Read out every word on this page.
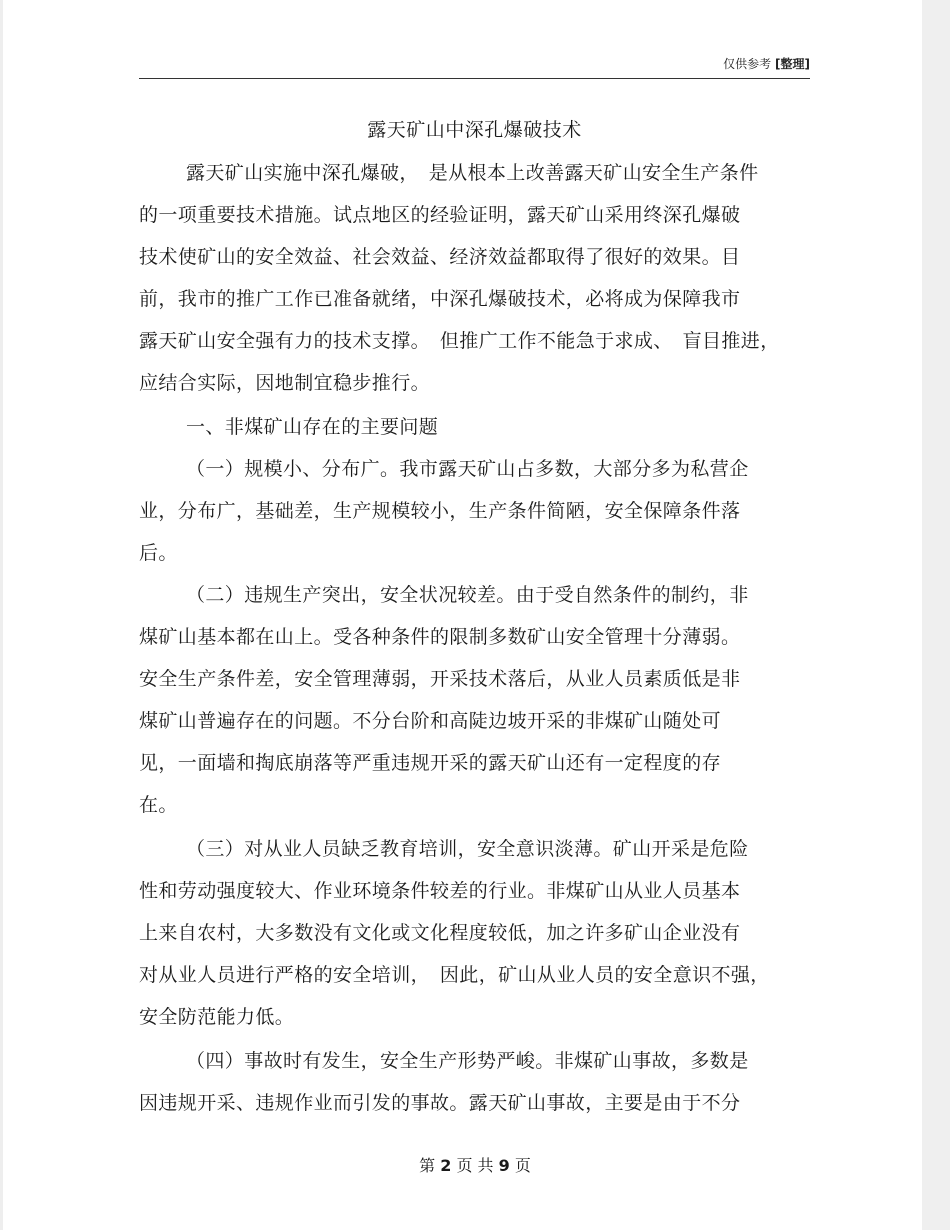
仅供参考 [整理]
露天矿山中深孔爆破技术
露天矿山实施中深孔爆破，　是从根本上改善露天矿山安全生产条件
的一项重要技术措施。试点地区的经验证明，露天矿山采用终深孔爆破
技术使矿山的安全效益、社会效益、经济效益都取得了很好的效果。目
前，我市的推广工作已准备就绪，中深孔爆破技术，必将成为保障我市
露天矿山安全强有力的技术支撑。　但推广工作不能急于求成、　盲目推进，
应结合实际，因地制宜稳步推行。
一、非煤矿山存在的主要问题
（一）规模小、分布广。我市露天矿山占多数，大部分多为私营企
业，分布广，基础差，生产规模较小，生产条件简陋，安全保障条件落
后。
（二）违规生产突出，安全状况较差。由于受自然条件的制约，非
煤矿山基本都在山上。受各种条件的限制多数矿山安全管理十分薄弱。
安全生产条件差，安全管理薄弱，开采技术落后，从业人员素质低是非
煤矿山普遍存在的问题。不分台阶和高陡边坡开采的非煤矿山随处可
见，一面墙和掏底崩落等严重违规开采的露天矿山还有一定程度的存
在。
（三）对从业人员缺乏教育培训，安全意识淡薄。矿山开采是危险
性和劳动强度较大、作业环境条件较差的行业。非煤矿山从业人员基本
上来自农村，大多数没有文化或文化程度较低，加之许多矿山企业没有
对从业人员进行严格的安全培训，　因此，矿山从业人员的安全意识不强，
安全防范能力低。
（四）事故时有发生，安全生产形势严峻。非煤矿山事故，多数是
因违规开采、违规作业而引发的事故。露天矿山事故，主要是由于不分
第 2 页 共 9 页
